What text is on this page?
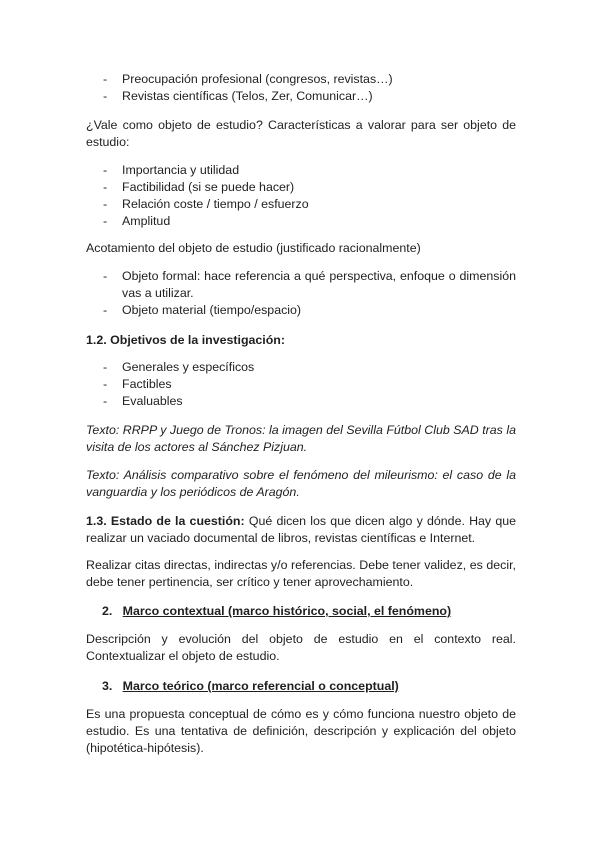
- Preocupación profesional (congresos, revistas…)
- Revistas científicas (Telos, Zer, Comunicar…)

¿Vale como objeto de estudio? Características a valorar para ser objeto de estudio:

- Importancia y utilidad
- Factibilidad (si se puede hacer)
- Relación coste / tiempo / esfuerzo
- Amplitud

Acotamiento del objeto de estudio (justificado racionalmente)

- Objeto formal: hace referencia a qué perspectiva, enfoque o dimensión vas a utilizar.
- Objeto material (tiempo/espacio)

1.2. Objetivos de la investigación:

- Generales y específicos
- Factibles
- Evaluables

Texto: RRPP y Juego de Tronos: la imagen del Sevilla Fútbol Club SAD tras la visita de los actores al Sánchez Pizjuan.

Texto: Análisis comparativo sobre el fenómeno del mileurismo: el caso de la vanguardia y los periódicos de Aragón.

1.3. Estado de la cuestión: Qué dicen los que dicen algo y dónde. Hay que realizar un vaciado documental de libros, revistas científicas e Internet.

Realizar citas directas, indirectas y/o referencias. Debe tener validez, es decir, debe tener pertinencia, ser crítico y tener aprovechamiento.

2. Marco contextual (marco histórico, social, el fenómeno)

Descripción y evolución del objeto de estudio en el contexto real. Contextualizar el objeto de estudio.

3. Marco teórico (marco referencial o conceptual)

Es una propuesta conceptual de cómo es y cómo funciona nuestro objeto de estudio. Es una tentativa de definición, descripción y explicación del objeto (hipotética-hipótesis).
